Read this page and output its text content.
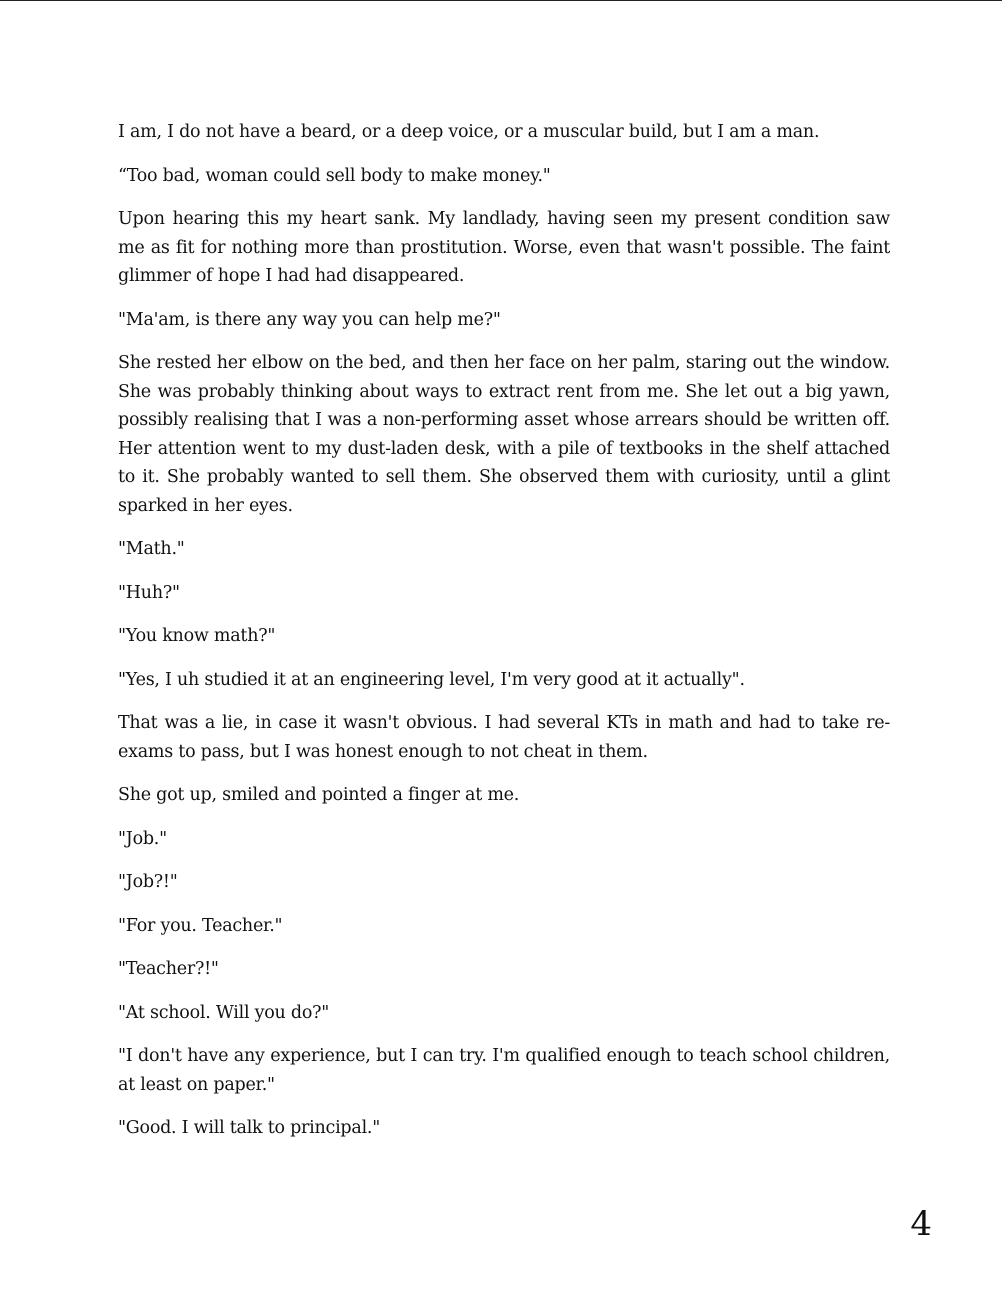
I am, I do not have a beard, or a deep voice, or a muscular build, but I am a man.

“Too bad, woman could sell body to make money."

Upon hearing this my heart sank. My landlady, having seen my present condition saw me as fit for nothing more than prostitution. Worse, even that wasn't possible. The faint glimmer of hope I had had disappeared.

"Ma'am, is there any way you can help me?"

She rested her elbow on the bed, and then her face on her palm, staring out the window. She was probably thinking about ways to extract rent from me. She let out a big yawn, possibly realising that I was a non-performing asset whose arrears should be written off. Her attention went to my dust-laden desk, with a pile of textbooks in the shelf attached to it. She probably wanted to sell them. She observed them with curiosity, until a glint sparked in her eyes.

"Math."

"Huh?"

"You know math?"

"Yes, I uh studied it at an engineering level, I'm very good at it actually".

That was a lie, in case it wasn't obvious. I had several KTs in math and had to take re-exams to pass, but I was honest enough to not cheat in them.

She got up, smiled and pointed a finger at me.

"Job."

"Job?!"

"For you. Teacher."

"Teacher?!"

"At school. Will you do?"

"I don't have any experience, but I can try. I'm qualified enough to teach school children, at least on paper."

"Good. I will talk to principal."

4
